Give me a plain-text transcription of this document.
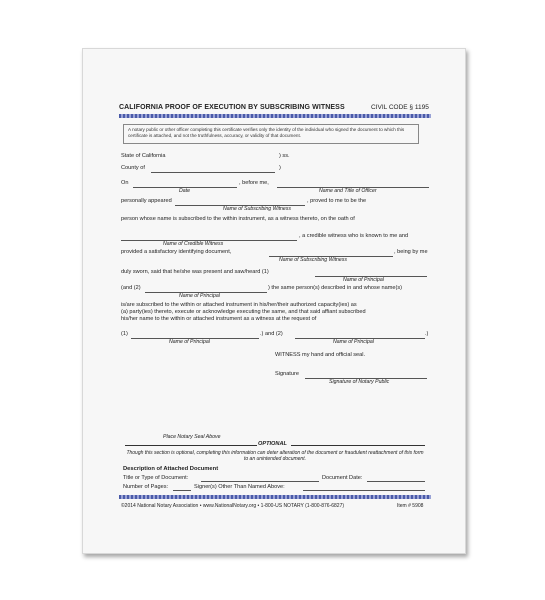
CALIFORNIA PROOF OF EXECUTION BY SUBSCRIBING WITNESS	CIVIL CODE § 1195
A notary public or other officer completing this certificate verifies only the identity of the individual who signed the document to which this certificate is attached, and not the truthfulness, accuracy, or validity of that document.
State of California	) ss.
County of	)
On	, before me,
Date	Name and Title of Officer
personally appeared	, proved to me to be the
Name of Subscribing Witness
person whose name is subscribed to the within instrument, as a witness thereto, on the oath of
, a credible witness who is known to me and
Name of Credible Witness
provided a satisfactory identifying document,	, being by me
Name of Subscribing Witness
duly sworn, said that he/she was present and saw/heard (1)
Name of Principal
(and (2)	) the same person(s) described in and whose name(s)
Name of Principal
is/are subscribed to the within or attached instrument in his/her/their authorized capacity(ies) as
(a) party(ies) thereto, execute or acknowledge executing the same, and that said affiant subscribed
his/her name to the within or attached instrument as a witness at the request of
(1)	.) and (2)	.)
Name of Principal	Name of Principal
WITNESS my hand and official seal.
Signature
Signature of Notary Public
Place Notary Seal Above
OPTIONAL
Though this section is optional, completing this information can deter alteration of the document or fraudulent reattachment of this form to an unintended document.
Description of Attached Document
Title or Type of Document:	Document Date:
Number of Pages:	Signer(s) Other Than Named Above:
©2014 National Notary Association • www.NationalNotary.org • 1-800-US NOTARY (1-800-876-6827)	Item # 5908
